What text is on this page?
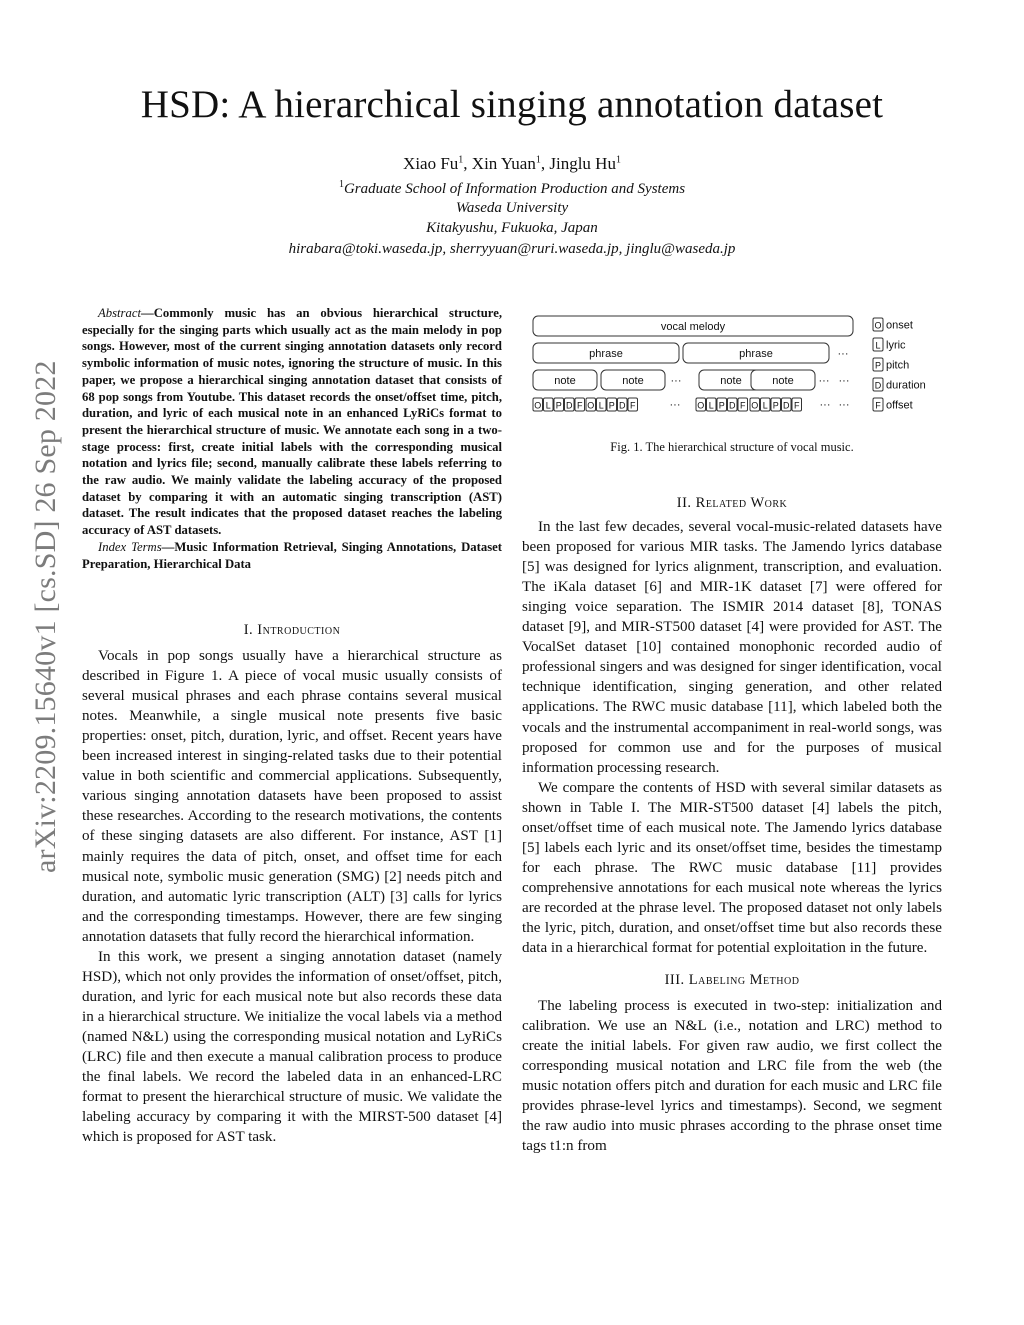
arXiv:2209.15640v1 [cs.SD] 26 Sep 2022
HSD: A hierarchical singing annotation dataset
Xiao Fu$^1$, Xin Yuan$^1$, Jinglu Hu$^1$
$^1$Graduate School of Information Production and Systems
Waseda University
Kitakyushu, Fukuoka, Japan
hirabara@toki.waseda.jp, sherryyuan@ruri.waseda.jp, jinglu@waseda.jp
Abstract—Commonly music has an obvious hierarchical structure, especially for the singing parts which usually act as the main melody in pop songs. However, most of the current singing annotation datasets only record symbolic information of music notes, ignoring the structure of music. In this paper, we propose a hierarchical singing annotation dataset that consists of 68 pop songs from Youtube. This dataset records the onset/offset time, pitch, duration, and lyric of each musical note in an enhanced LyRiCs format to present the hierarchical structure of music. We annotate each song in a two-stage process: first, create initial labels with the corresponding musical notation and lyrics file; second, manually calibrate these labels referring to the raw audio. We mainly validate the labeling accuracy of the proposed dataset by comparing it with an automatic singing transcription (AST) dataset. The result indicates that the proposed dataset reaches the labeling accuracy of AST datasets.
Index Terms—Music Information Retrieval, Singing Annotations, Dataset Preparation, Hierarchical Data

I. Introduction

Vocals in pop songs usually have a hierarchical structure as described in Figure 1. A piece of vocal music usually consists of several musical phrases and each phrase contains several musical notes. Meanwhile, a single musical note presents five basic properties: onset, pitch, duration, lyric, and offset. Recent years have been increased interest in singing-related tasks due to their potential value in both scientific and commercial applications. Subsequently, various singing annotation datasets have been proposed to assist these researches. According to the research motivations, the contents of these singing datasets are also different. For instance, AST [1] mainly requires the data of pitch, onset, and offset time for each musical note, symbolic music generation (SMG) [2] needs pitch and duration, and automatic lyric transcription (ALT) [3] calls for lyrics and the corresponding timestamps. However, there are few singing annotation datasets that fully record the hierarchical information.

In this work, we present a singing annotation dataset (namely HSD), which not only provides the information of onset/offset, pitch, duration, and lyric for each musical note but also records these data in a hierarchical structure. We initialize the vocal labels via a method (named N&L) using the corresponding musical notation and LyRiCs (LRC) file and then execute a manual calibration process to produce the final labels. We record the labeled data in an enhanced-LRC format to present the hierarchical structure of music. We validate the labeling accuracy by comparing it with the MIRST-500 dataset [4] which is proposed for AST task.

vocal melody
phrase	phrase	···
note	note	note	note
···	··· ···
O L P D F O L P D F	O L P D F O L P D F
···	··· ···
O onset
L lyric
P pitch
D duration
F offset
Fig. 1. The hierarchical structure of vocal music.

II. Related Work

In the last few decades, several vocal-music-related datasets have been proposed for various MIR tasks. The Jamendo lyrics database [5] was designed for lyrics alignment, transcription, and evaluation. The iKala dataset [6] and MIR-1K dataset [7] were offered for singing voice separation. The ISMIR 2014 dataset [8], TONAS dataset [9], and MIR-ST500 dataset [4] were provided for AST. The VocalSet dataset [10] contained monophonic recorded audio of professional singers and was designed for singer identification, vocal technique identification, singing generation, and other related applications. The RWC music database [11], which labeled both the vocals and the instrumental accompaniment in real-world songs, was proposed for common use and for the purposes of musical information processing research.

We compare the contents of HSD with several similar datasets as shown in Table I. The MIR-ST500 dataset [4] labels the pitch, onset/offset time of each musical note. The Jamendo lyrics database [5] labels each lyric and its onset/offset time, besides the timestamp for each phrase. The RWC music database [11] provides comprehensive annotations for each musical note whereas the lyrics are recorded at the phrase level. The proposed dataset not only labels the lyric, pitch, duration, and onset/offset time but also records these data in a hierarchical format for potential exploitation in the future.

III. Labeling Method

The labeling process is executed in two-step: initialization and calibration. We use an N&L (i.e., notation and LRC) method to create the initial labels. For given raw audio, we first collect the corresponding musical notation and LRC file from the web (the music notation offers pitch and duration for each music and LRC file provides phrase-level lyrics and timestamps). Second, we segment the raw audio into music phrases according to the phrase onset time tags t1:n from
